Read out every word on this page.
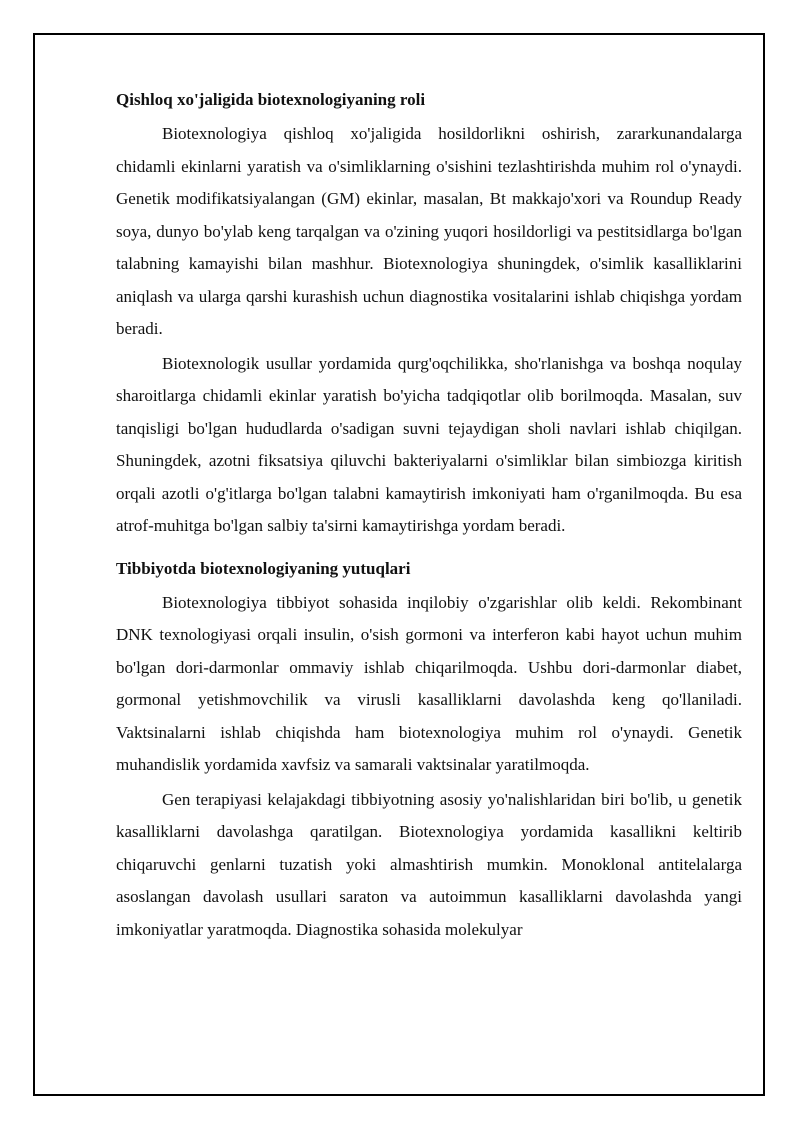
Qishloq xo'jaligida biotexnologiyaning roli

Biotexnologiya qishloq xo'jaligida hosildorlikni oshirish, zararkunandalarga chidamli ekinlarni yaratish va o'simliklarning o'sishini tezlashtirishda muhim rol o'ynaydi. Genetik modifikatsiyalangan (GM) ekinlar, masalan, Bt makkajo'xori va Roundup Ready soya, dunyo bo'ylab keng tarqalgan va o'zining yuqori hosildorligi va pestitsidlarga bo'lgan talabning kamayishi bilan mashhur. Biotexnologiya shuningdek, o'simlik kasalliklarini aniqlash va ularga qarshi kurashish uchun diagnostika vositalarini ishlab chiqishga yordam beradi.

Biotexnologik usullar yordamida qurg'oqchilikka, sho'rlanishga va boshqa noqulay sharoitlarga chidamli ekinlar yaratish bo'yicha tadqiqotlar olib borilmoqda. Masalan, suv tanqisligi bo'lgan hududlarda o'sadigan suvni tejaydigan sholi navlari ishlab chiqilgan. Shuningdek, azotni fiksatsiya qiluvchi bakteriyalarni o'simliklar bilan simbiozga kiritish orqali azotli o'g'itlarga bo'lgan talabni kamaytirish imkoniyati ham o'rganilmoqda. Bu esa atrof-muhitga bo'lgan salbiy ta'sirni kamaytirishga yordam beradi.

Tibbiyotda biotexnologiyaning yutuqlari

Biotexnologiya tibbiyot sohasida inqilobiy o'zgarishlar olib keldi. Rekombinant DNK texnologiyasi orqali insulin, o'sish gormoni va interferon kabi hayot uchun muhim bo'lgan dori-darmonlar ommaviy ishlab chiqarilmoqda. Ushbu dori-darmonlar diabet, gormonal yetishmovchilik va virusli kasalliklarni davolashda keng qo'llaniladi. Vaktsinalarni ishlab chiqishda ham biotexnologiya muhim rol o'ynaydi. Genetik muhandislik yordamida xavfsiz va samarali vaktsinalar yaratilmoqda.

Gen terapiyasi kelajakdagi tibbiyotning asosiy yo'nalishlaridan biri bo'lib, u genetik kasalliklarni davolashga qaratilgan. Biotexnologiya yordamida kasallikni keltirib chiqaruvchi genlarni tuzatish yoki almashtirish mumkin. Monoklonal antitelalarga asoslangan davolash usullari saraton va autoimmun kasalliklarni davolashda yangi imkoniyatlar yaratmoqda. Diagnostika sohasida molekulyar
